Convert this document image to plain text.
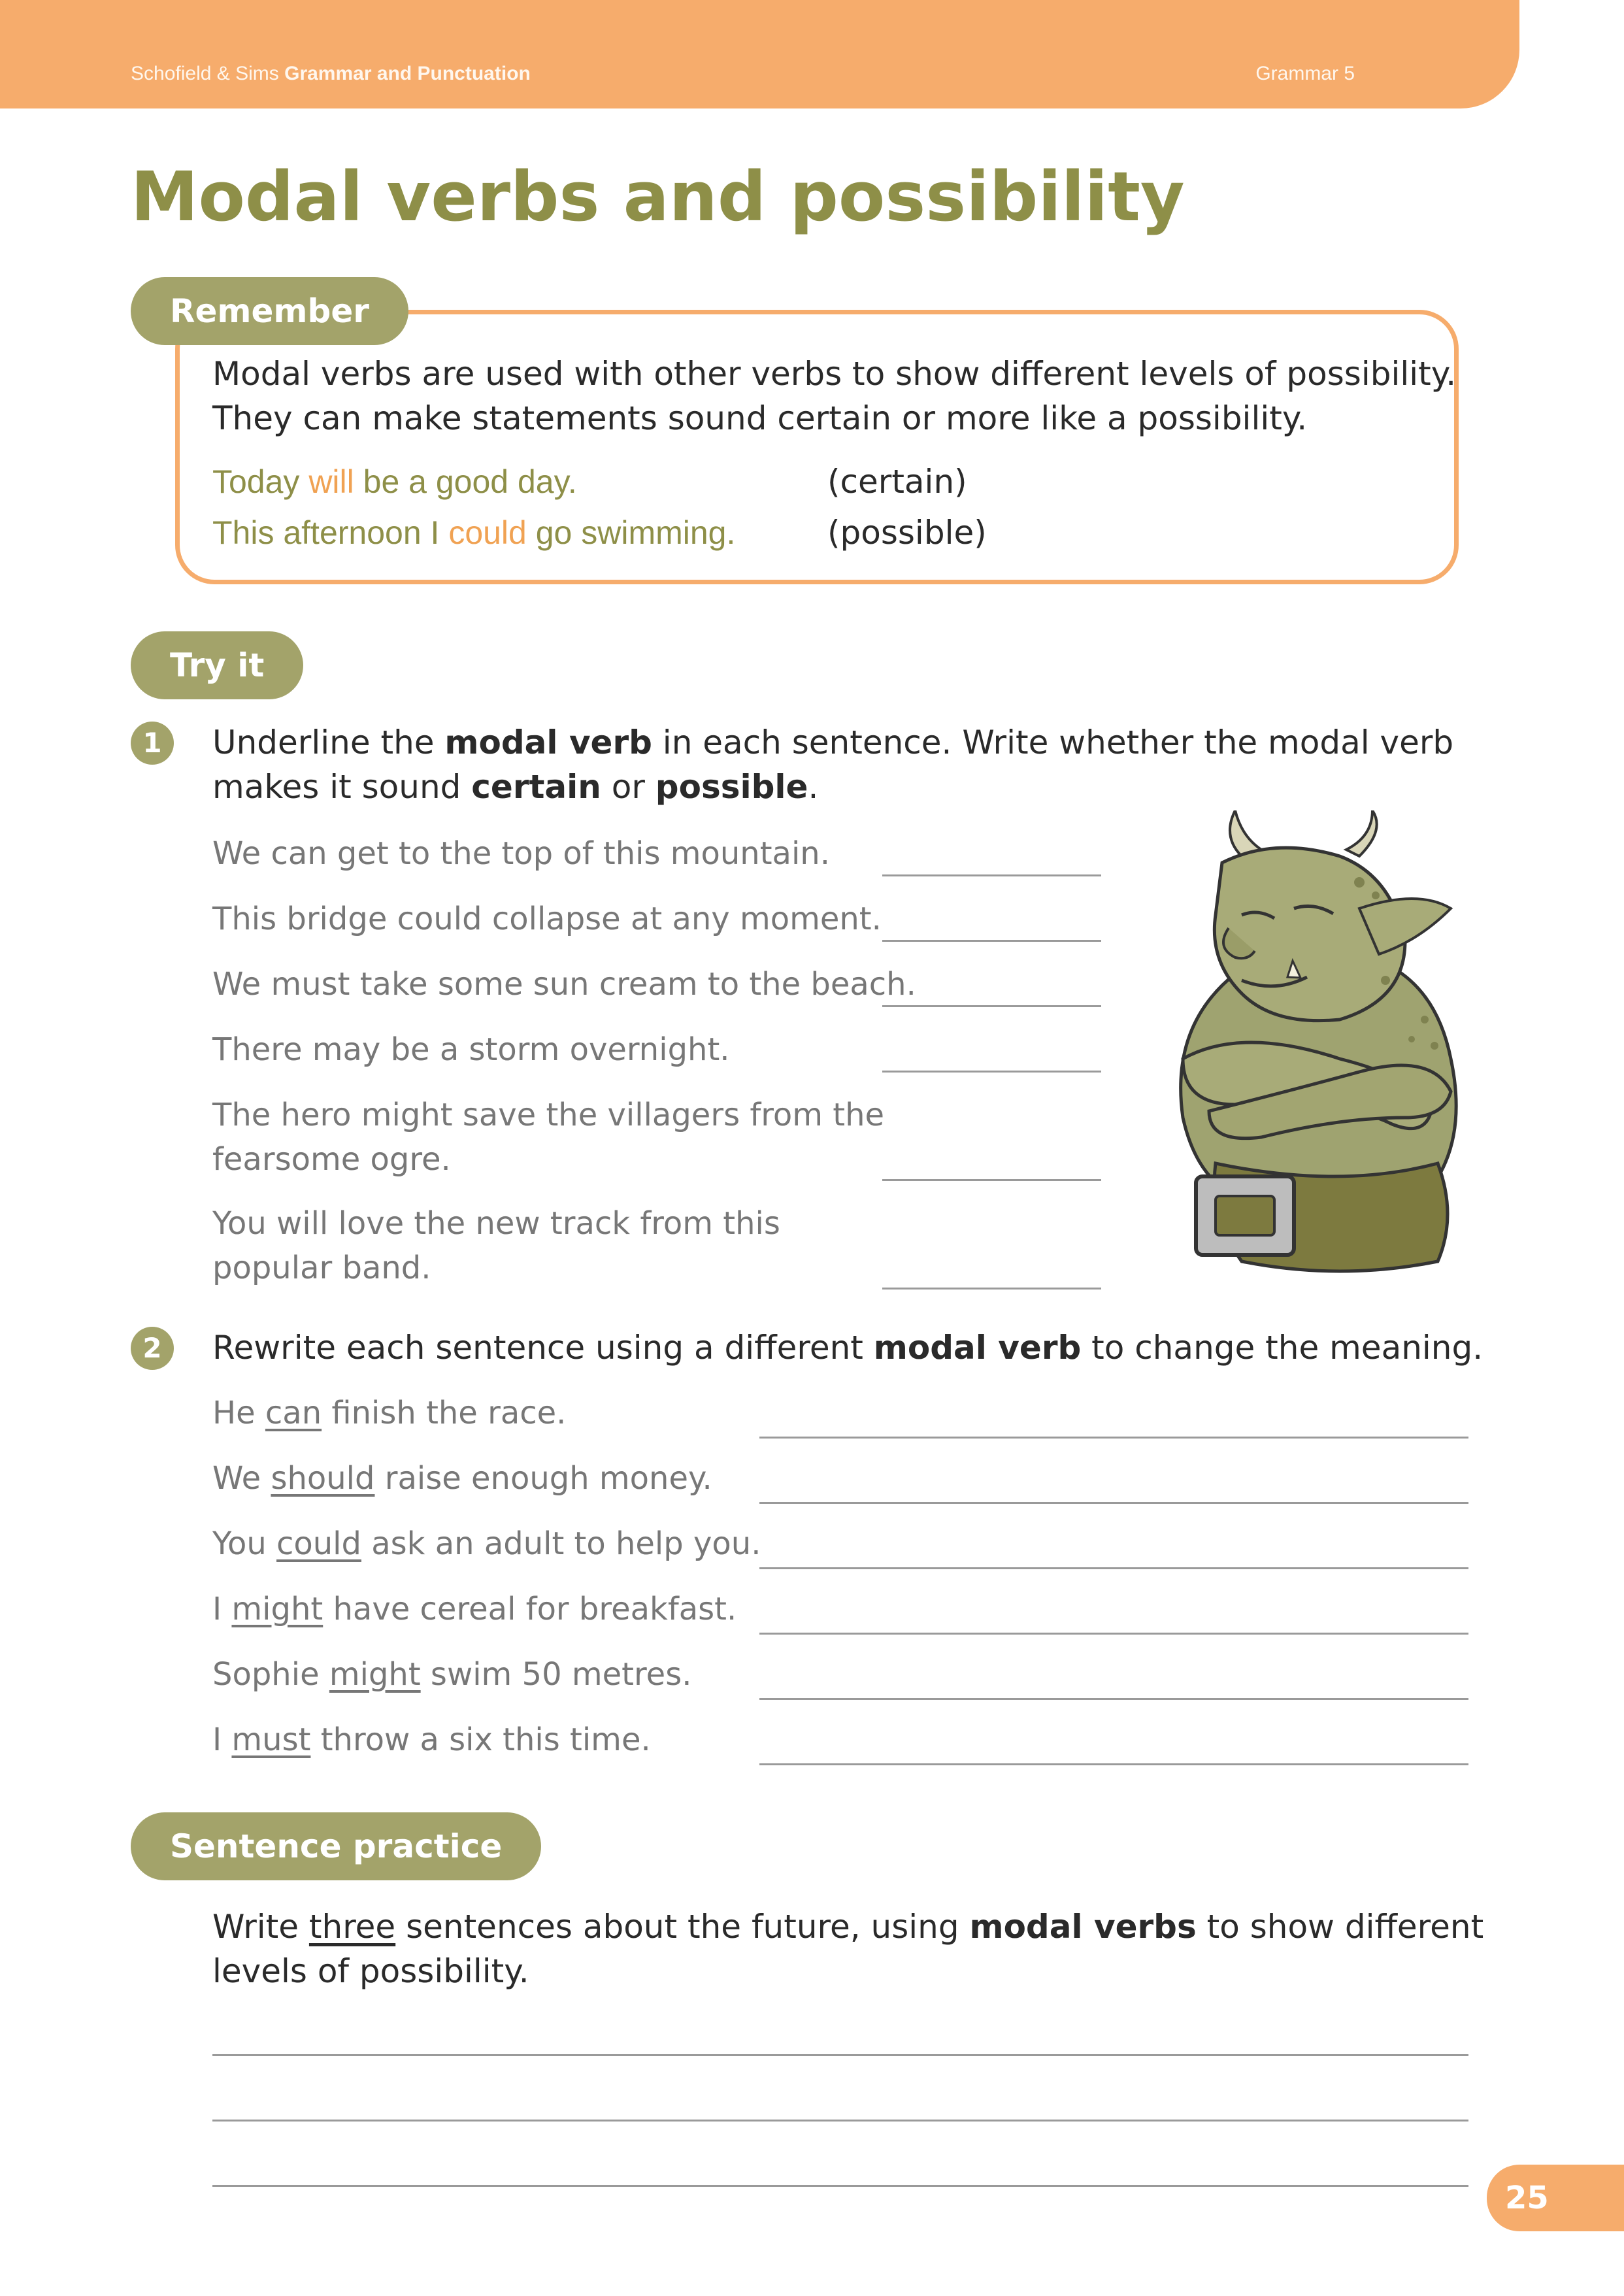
Schofield & Sims Grammar and Punctuation	Grammar 5
Modal verbs and possibility
Remember
Modal verbs are used with other verbs to show different levels of possibility.
They can make statements sound certain or more like a possibility.
Today will be a good day.	(certain)
This afternoon I could go swimming.	(possible)
Try it
1	Underline the modal verb in each sentence. Write whether the modal verb
makes it sound certain or possible.
We can get to the top of this mountain.
This bridge could collapse at any moment.
We must take some sun cream to the beach.
There may be a storm overnight.
The hero might save the villagers from the
fearsome ogre.
You will love the new track from this
popular band.
2	Rewrite each sentence using a different modal verb to change the meaning.
He can finish the race.
We should raise enough money.
You could ask an adult to help you.
I might have cereal for breakfast.
Sophie might swim 50 metres.
I must throw a six this time.
Sentence practice
Write three sentences about the future, using modal verbs to show different
levels of possibility.
25
